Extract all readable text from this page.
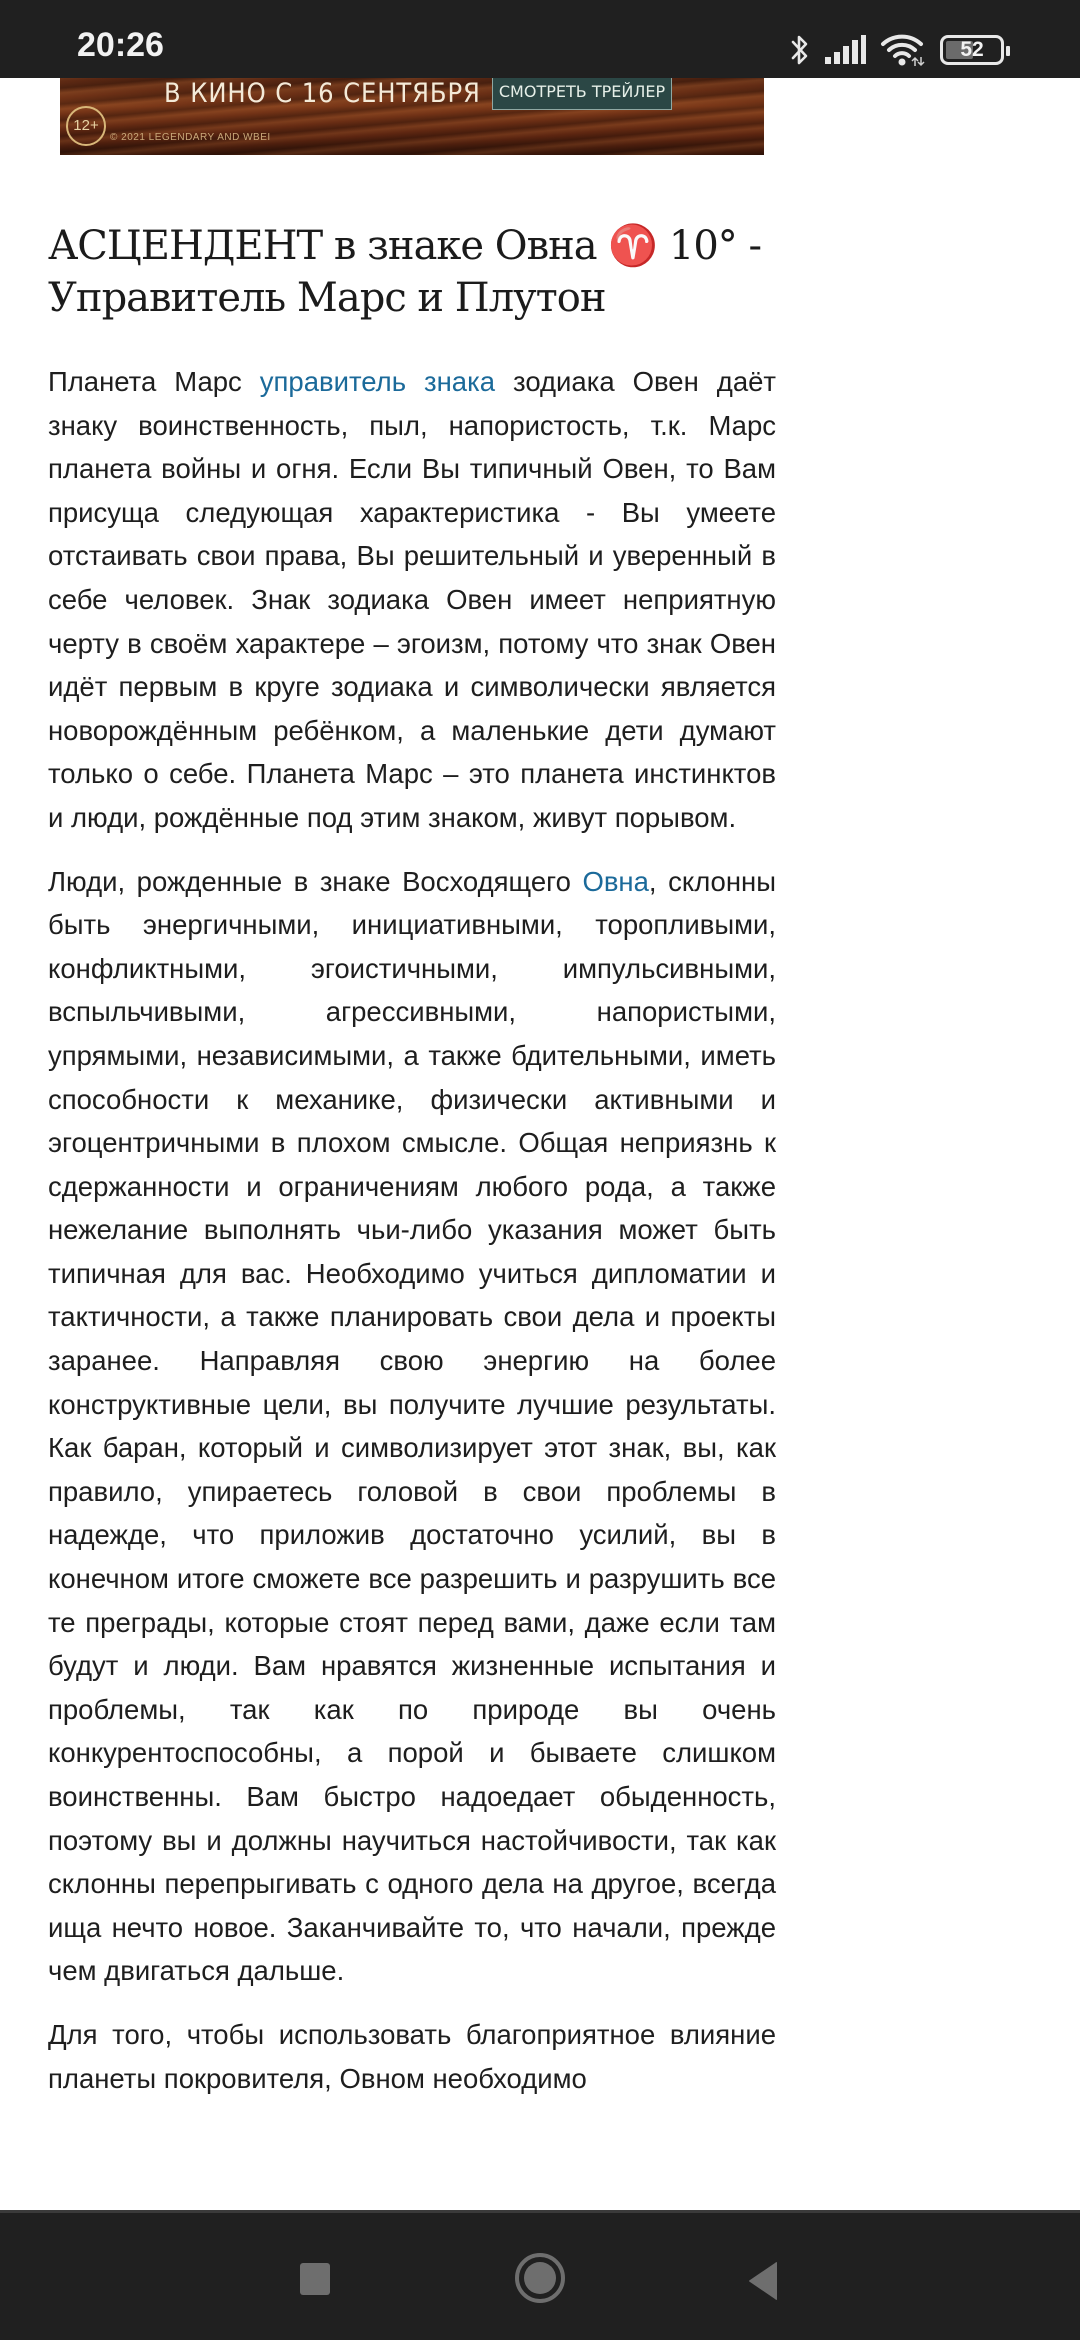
20:26	52
В КИНО С 16 СЕНТЯБРЯ	СМОТРЕТЬ ТРЕЙЛЕР
12+
© 2021 LEGENDARY AND WBEI
АСЦЕНДЕНТ в знаке Овна ♈ 10° - Управитель Марс и Плутон

Планета Марс управитель знака зодиака Овен даёт знаку воинственность, пыл, напористость, т.к. Марс планета войны и огня. Если Вы типичный Овен, то Вам присуща следующая характеристика - Вы умеете отстаивать свои права, Вы решительный и уверенный в себе человек. Знак зодиака Овен имеет неприятную черту в своём характере – эгоизм, потому что знак Овен идёт первым в круге зодиака и символически является новорождённым ребёнком, а маленькие дети думают только о себе. Планета Марс – это планета инстинктов и люди, рождённые под этим знаком, живут порывом.

Люди, рожденные в знаке Восходящего Овна, склонны быть энергичными, инициативными, торопливыми, конфликтными, эгоистичными, импульсивными, вспыльчивыми, агрессивными, напористыми, упрямыми, независимыми, а также бдительными, иметь способности к механике, физически активными и эгоцентричными в плохом смысле. Общая неприязнь к сдержанности и ограничениям любого рода, а также нежелание выполнять чьи-либо указания может быть типичная для вас. Необходимо учиться дипломатии и тактичности, а также планировать свои дела и проекты заранее. Направляя свою энергию на более конструктивные цели, вы получите лучшие результаты. Как баран, который и символизирует этот знак, вы, как правило, упираетесь головой в свои проблемы в надежде, что приложив достаточно усилий, вы в конечном итоге сможете все разрешить и разрушить все те преграды, которые стоят перед вами, даже если там будут и люди. Вам нравятся жизненные испытания и проблемы, так как по природе вы очень конкурентоспособны, а порой и бываете слишком воинственны. Вам быстро надоедает обыденность, поэтому вы и должны научиться настойчивости, так как склонны перепрыгивать с одного дела на другое, всегда ища нечто новое. Заканчивайте то, что начали, прежде чем двигаться дальше.

Для того, чтобы использовать благоприятное влияние планеты покровителя, Овном необходимо
